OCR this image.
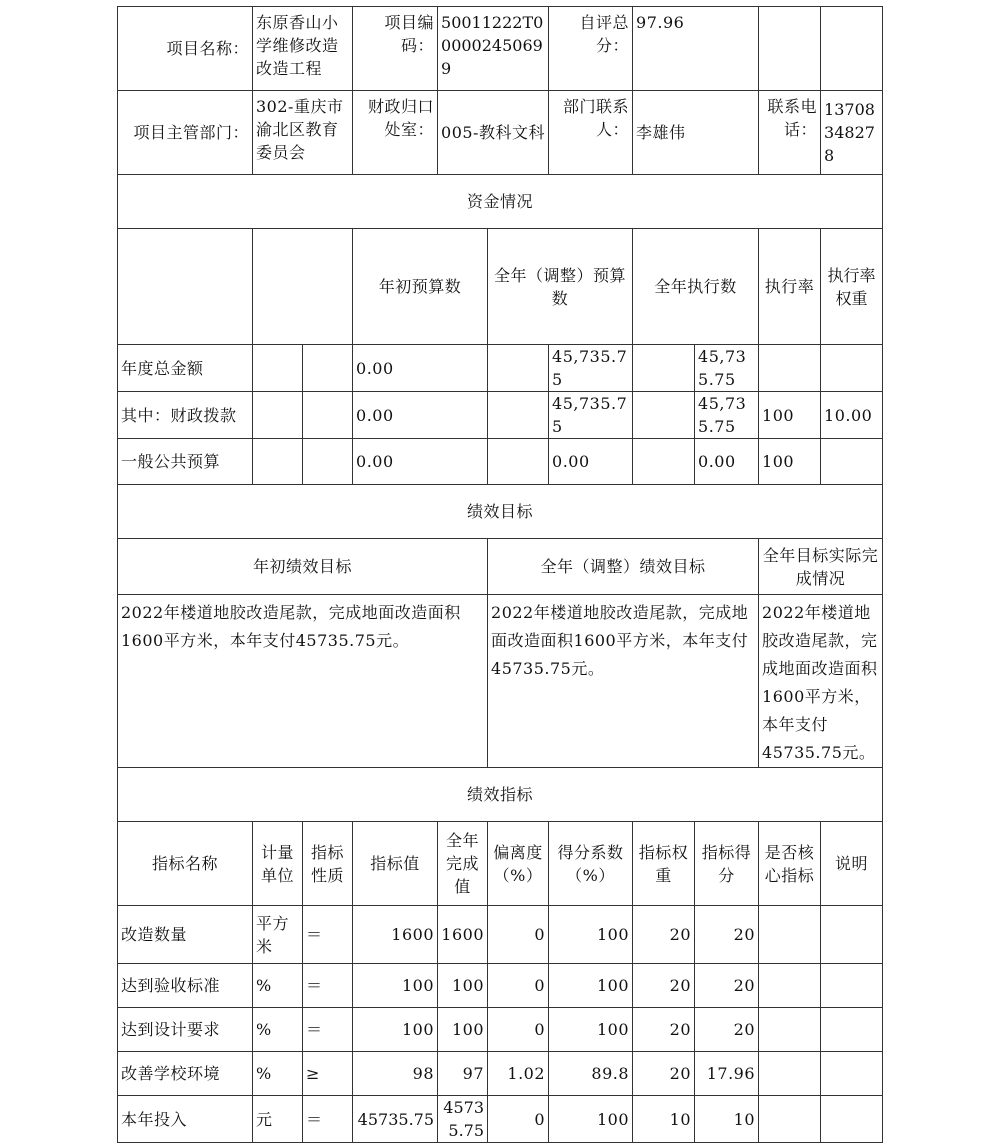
项目名称：	东原香山小学维修改造改造工程		项目编码：	50011222T000002450699		自评总分：	97.96				
项目主管部门：	302-重庆市渝北区教育委员会		财政归口处室：	005-教科文科		部门联系人：	李雄伟		联系电话：	13708348278	
资金情况											
			年初预算数		全年（调整）预算数		全年执行数		执行率	执行率权重	
年度总金额			0.00			45,735.75		45,735.75			
其中：财政拨款			0.00			45,735.75		45,735.75	100	10.00	
一般公共预算			0.00			0.00		0.00	100		
绩效目标											
年初绩效目标					全年（调整）绩效目标				全年目标实际完成情况		
2022年楼道地胶改造尾款，完成地面改造面积1600平方米，本年支付45735.75元。					2022年楼道地胶改造尾款，完成地面改造面积1600平方米，本年支付45735.75元。				2022年楼道地胶改造尾款，完成地面改造面积1600平方米，本年支付45735.75元。		
绩效指标											
指标名称	计量单位	指标性质	指标值	全年完成值	偏离度（%）	得分系数（%）	指标权重	指标得分	是否核心指标	说明	
改造数量	平方米	＝	1600	1600	0	100	20	20			
达到验收标准	%	＝	100	100	0	100	20	20			
达到设计要求	%	＝	100	100	0	100	20	20			
改善学校环境	%	≥	98	97	1.02	89.8	20	17.96			
本年投入	元	＝	45735.75	45735.75	0	100	10	10			
